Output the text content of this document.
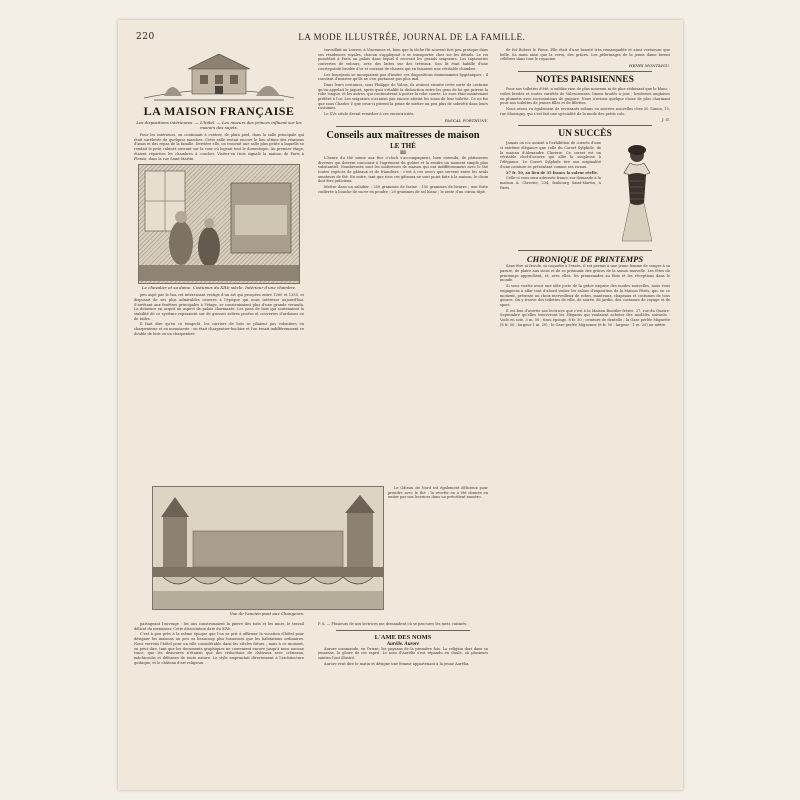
220	LA MODE ILLUSTRÉE, JOURNAL DE LA FAMILLE.
LA MAISON FRANÇAISE
Les dispositions intérieures. — L'hôtel. — Les moeurs des princes influent sur les moeurs des sujets.

Pour les intérieurs, on continuait à centrer, de plain pied, dans la salle principale qui était surélevée de quelques marches. Cette salle restait encore le lieu ultime des réunions d'amis et des repas de la famille. Derrière elle, on trouvait une salle plus petite à laquelle se rendait le petit cabinet ouvrant sur la cour où logeait tout le domestique. Au premier étage, étaient réparties les chambres à coucher. Visitez-en trois signalé la maison de Paris à Plessis, dans la rue Saint-Martin.

Le chevalier et sa dame. Costumes du XIVe siècle. Intérieur d'une chambre.

peu aspé par le bas cet intéressant vestige d'un art qui prospéra entre 1260 et 1350, et disposait de ses plus admirables oeuvres à l'époque qui nous intéresse aujourd'hui. S'arrêtant aux fenêtres principales à l'étage, se construisaient plus d'une grande veranda. La demeure en acquit un aspect de palais charmante. Les pans de bois qui soutenaient la stabilité de ce système reposaient sur de grosses solives posées et couvertes d'ardoises ou de tuiles.

Il faut dire qu'en ce temps-là, les carriers de bois se pliaient pas volontiers en charpenterie et en menuiserie : on était charpentier-huchier et l'on tenait indifféremment ce double de bois ou un charpentier.

Vue de l'ancien pont aux Changeurs.

partageant l'ouvrage : les uns construisaient la pierre des toits et les murs, le travail délicat du menuisier. Cette dissociation date du XIVe.

C'est à peu près à la même époque que l'on se prit à affirmer la vocation d'hôtel pour désigner les maisons un peu ou beaucoup plus luxueuses que les habitations ordinaires. Nous verrons l'hôtel pour un rôle considérable dans les siècles futurs ; mais à ce moment, on peut dire, tant que les documents graphiques ne couvraient encore jusqu'à nous aucune trace, que les demeures n'étaient que des réductions de châteaux avec créneaux, mâchicoulis et défenses de toute nature. Le style empruntait directement à l'architecture gothique, et le château d'art religieux.

travaillait au Louvre, à Vincennes et, bien que la tâche fût souvent fort peu pratique dans ses résidences royales, chacun s'appliquait à se transporter chez soi les détails. Le roi possédait à Paris un palais dans lequel il recevait les grands seigneurs. Les tapisseries convertes de velours, avec des lattes sur des tréteaux. Son lit était habillé d'une courtepointe brodée d'or et ouvrant de chaises qui en faisaient une véritable chambre.

Les bourgeois se mouquaient pas d'imiter ces dispositions éminemment hygiéniques : il convient d'insister qu'ils ne s'en portaient pas plus mal.

Dans leurs costumes, sous Philippe de Valois, ils avaient ensuite cette sorte de costume qu'on appelait le jaquet, après quoi s'établit la distinction entre les gens de loi qui prirent la robe longue, et les autres, qui continuèrent à porter la robe courte. Le sure était maintenant préféré à l'or. Les seigneurs n'avaient pas encore atteint les soins de leur toilette. Ce ne fut que sous Charles V que ceux-ci prirent la peine de mettre un peu plus de sobriété dans leurs costumes.

Le XVe siècle devait remédier à ces excentricités.

PASCAL FORTHUNY.
Conseils aux maîtresses de maison
LE THÉ
III

L'heure du thé sonne aux five o'clock s'accompagnent, bien entendu, de pâtisseries diverses qui doivent concourir à l'agrément du goûter et la rendre un moment simple plus substantiel. Nombreuses sont les maîtresses de maison qui ont indifféremment avec le thé toutes espèces de gâteaux et de friandises : c'est à ces avecs que servent entre les seuls amateurs de thé. En outre, tant que tous ces gâteaux ne sont point faits à la maison, le choix doit être judicieux.

Mettre dans un saladier : 250 grammes de farine ; 100 grammes de beurre ; une forte cuillerée à bouche de sucre en poudre ; 20 grammes de sel blanc ; le zeste d'un citron râpé.

Le Gâteau de Nord est également délicieux pour prendre avec le thé : la recette en a été donnée en entier par nos lectrices dans un précédent numéro.

P. S. — Plusieurs de nos lectrices me demandent où se procurer les mets cuisinés.
L'AME DES NOMS
Aurélie. Aurore

Aurore commande, en Orient, les paysans de la première fois. La religion dort dans sa jeunesse, la gloire de cet esprit. Le nom d'Aurélie s'est répandu en Gaule, où plusieurs saintes l'ont illustré.

Aurore veut dire le matin et désigne une femme appartenant à la jeune Aurélia.

de fut Robert le Pieux. Elle était d'une beauté très remarquable et ainsi vertueuse que belle. Sa main ainsi que la vertu, des grâces. Les pèlerinages de la jeune dame furent célèbres dans tout le royaume.

HENRI MONTAIGU.
NOTES PARISIENNES

Pour nos toilettes d'été, n'oubliez rien de plus nouveau ni de plus séduisant que le blanc : voiles brodés et toutes variétés de Valenciennes, linons brodés à jour ; broderies anglaises en plumetis avec incrustations de guipure. Nous n'avions quelque chose de plus charmant pour nos toilettes de jeunes filles et de fillettes.

Nous avons vu également de ravissants rubans en soieries nouvelles chez M. Simon, 15, rue Monsigny, qui s'est fait une spécialité de la mode des petits cols.

J. G.
UN SUCCÈS

Jamais on n'a assisté à l'exhibition de corsets d'une si extrême élégance que celle du Corset Sylphide, de la maison d'Alexandre Claverie. Ce corset est un véritable chef-d'oeuvre qui allie la souplesse à l'élégance. Le Corset Sylphide tire son originalité d'une ceinture se présentant comme ses rivaux.

27 fr. 50, au lieu de 35 francs la valeur réelle.

Celle-ci vous sera adressée franco sur demande à la maison A. Claverie, 234, faubourg Saint-Martin, à Paris.

CHRONIQUE DE PRINTEMPS

Sans être ni frivole, ni coquette à l'excès, il est permis à une jeune femme de songer à sa parure, de plaire aux siens et de se prémunir des grâces de la saison nouvelle. Les fêtes du printemps approchent, et, avec elles, les promenades au Bois et les réceptions dans le monde.

Si vous voulez avoir une idée juste de la grâce exquise des modes nouvelles, nous vous engageons à aller tout d'abord visiter les salons d'exposition de la Maison Pérès, qui, en ce moment, présente un choix merveilleux de robes, manteaux, chapeaux et costumes de tous genres. On y trouve des toilettes de ville, de soirée, de jardin, des costumes de voyage et de sport.

Il est bon d'avertir nos lectrices que c'est à la Maison Boutiler frères, 27, rue du Quatre-Septembre qu'elles trouveront les élégants qui voulaient acheter des modèles suivants : Voile en soie, 3 m. 50 ; tissu éponge, 8 fr. 50 ; ceinture de dentelle ; la Gaze perlée Mignette (8 fr. 50 ; largeur 1 m. 20) ; le Gaze perlée Mignonne (8 fr. 50 : largeur : 1 m. 20) au mètre.
